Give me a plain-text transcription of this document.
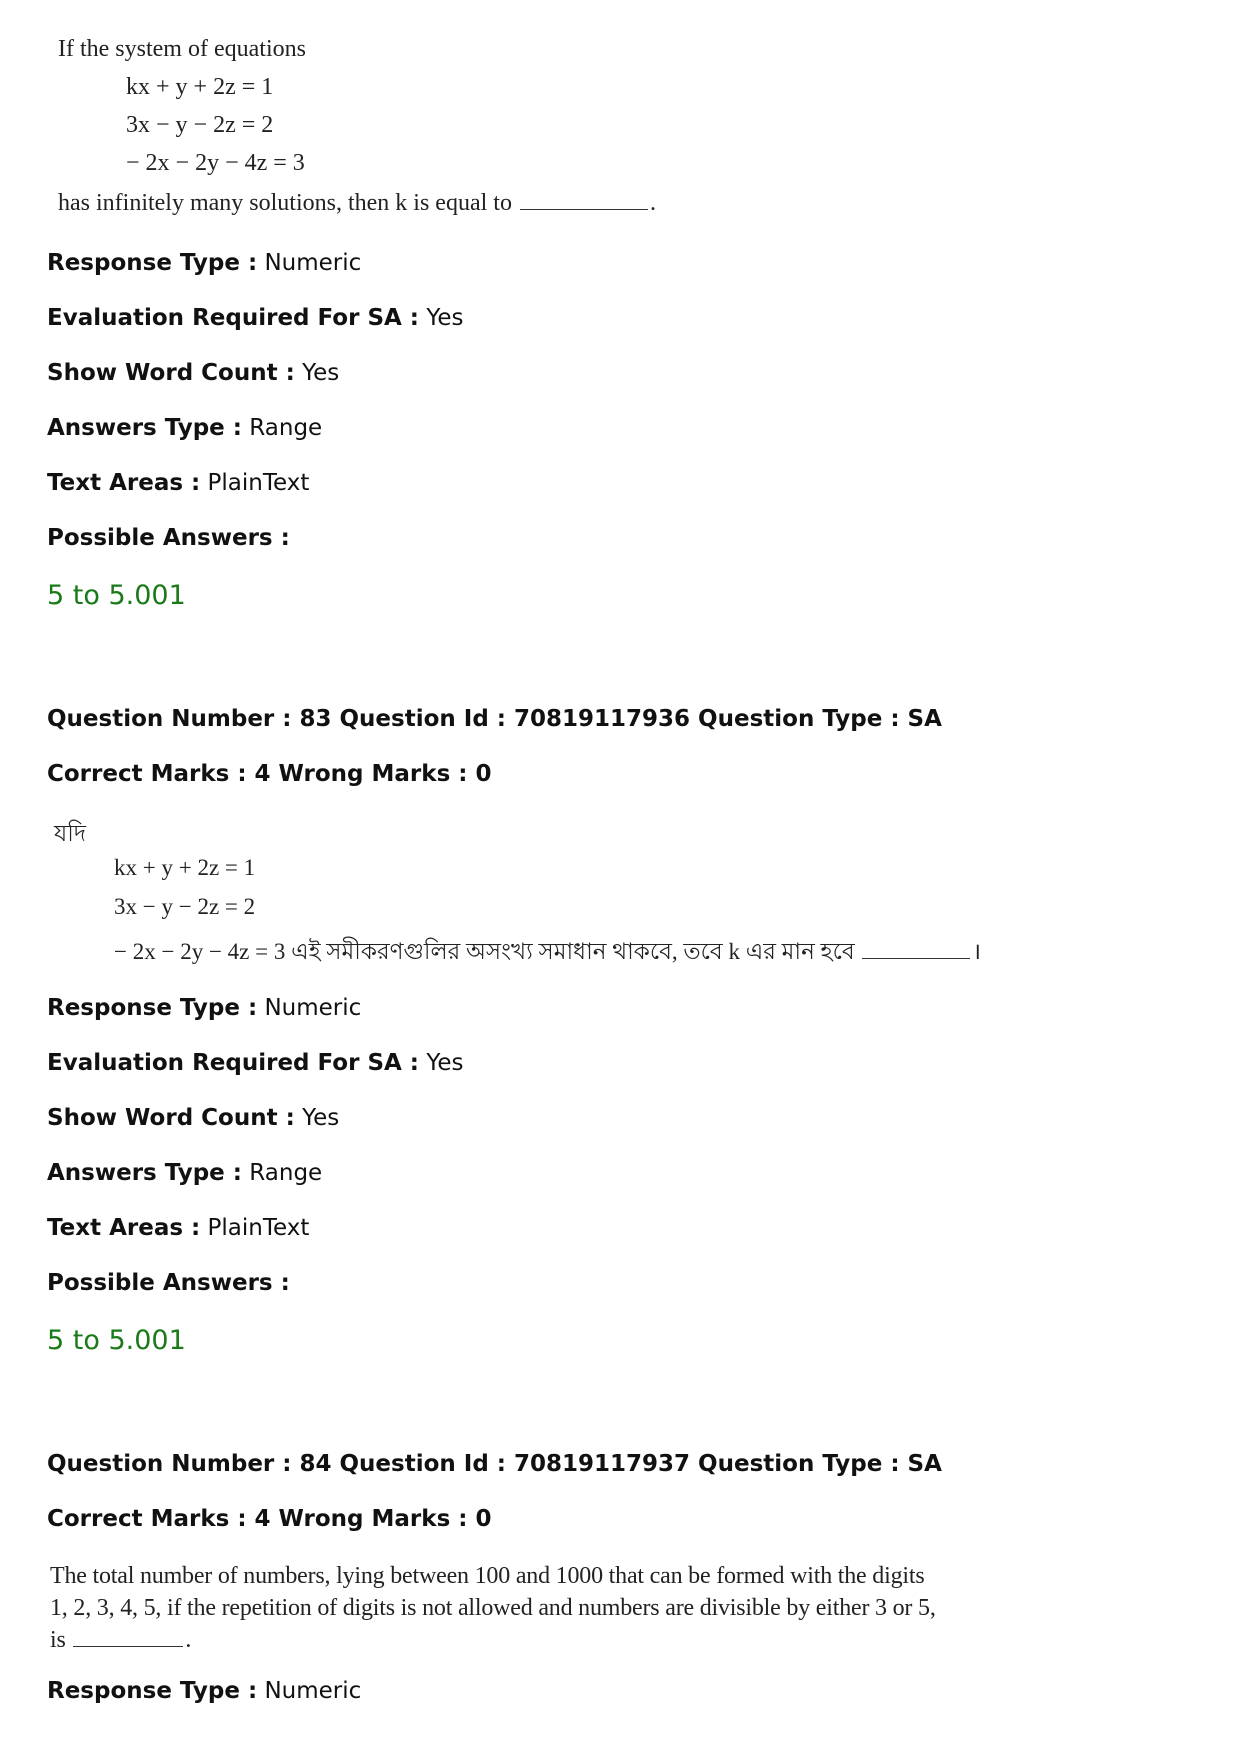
If the system of equations
kx + y + 2z = 1
3x − y − 2z = 2
− 2x − 2y − 4z = 3
has infinitely many solutions, then k is equal to	.
Response Type : Numeric
Evaluation Required For SA : Yes
Show Word Count : Yes
Answers Type : Range
Text Areas : PlainText
Possible Answers :
5 to 5.001
Question Number : 83 Question Id : 70819117936 Question Type : SA
Correct Marks : 4 Wrong Marks : 0
যদি
kx + y + 2z = 1
3x − y − 2z = 2
− 2x − 2y − 4z = 3 এই সমীকরণগুলির অসংখ্য সমাধান থাকবে, তবে k এর মান হবে	।
Response Type : Numeric
Evaluation Required For SA : Yes
Show Word Count : Yes
Answers Type : Range
Text Areas : PlainText
Possible Answers :
5 to 5.001
Question Number : 84 Question Id : 70819117937 Question Type : SA
Correct Marks : 4 Wrong Marks : 0
The total number of numbers, lying between 100 and 1000 that can be formed with the digits
1, 2, 3, 4, 5, if the repetition of digits is not allowed and numbers are divisible by either 3 or 5,
is	.
Response Type : Numeric
